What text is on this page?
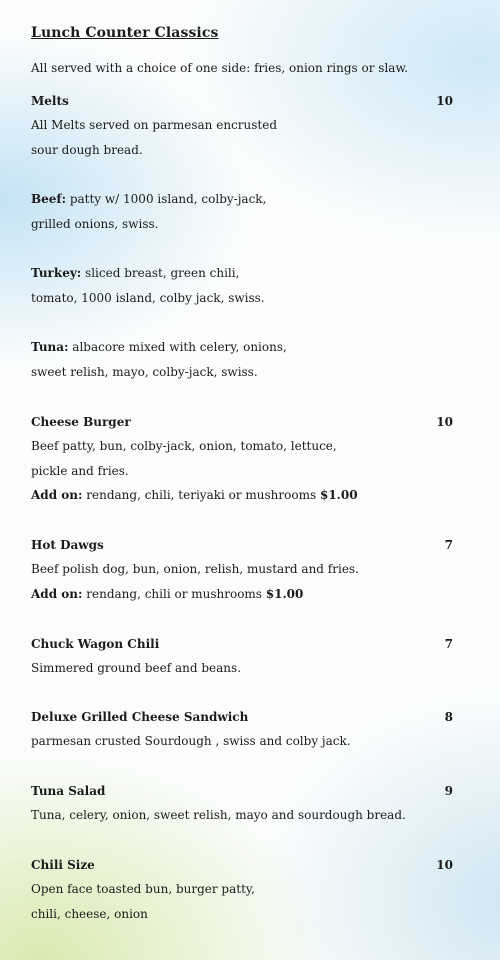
Lunch Counter Classics
All served with a choice of one side: fries, onion rings or slaw.
Melts	10
All Melts served on parmesan encrusted
sour dough bread.
Beef: patty w/ 1000 island, colby-jack,
grilled onions, swiss.
Turkey: sliced breast, green chili,
tomato, 1000 island, colby jack, swiss.
Tuna: albacore mixed with celery, onions,
sweet relish, mayo, colby-jack, swiss.
Cheese Burger	10
Beef patty, bun, colby-jack, onion, tomato, lettuce,
pickle and fries.
Add on: rendang, chili, teriyaki or mushrooms $1.00
Hot Dawgs	7
Beef polish dog, bun, onion, relish, mustard and fries.
Add on: rendang, chili or mushrooms $1.00
Chuck Wagon Chili	7
Simmered ground beef and beans.
Deluxe Grilled Cheese Sandwich	8
parmesan crusted Sourdough , swiss and colby jack.
Tuna Salad	9
Tuna, celery, onion, sweet relish, mayo and sourdough bread.
Chili Size	10
Open face toasted bun, burger patty,
chili, cheese, onion
